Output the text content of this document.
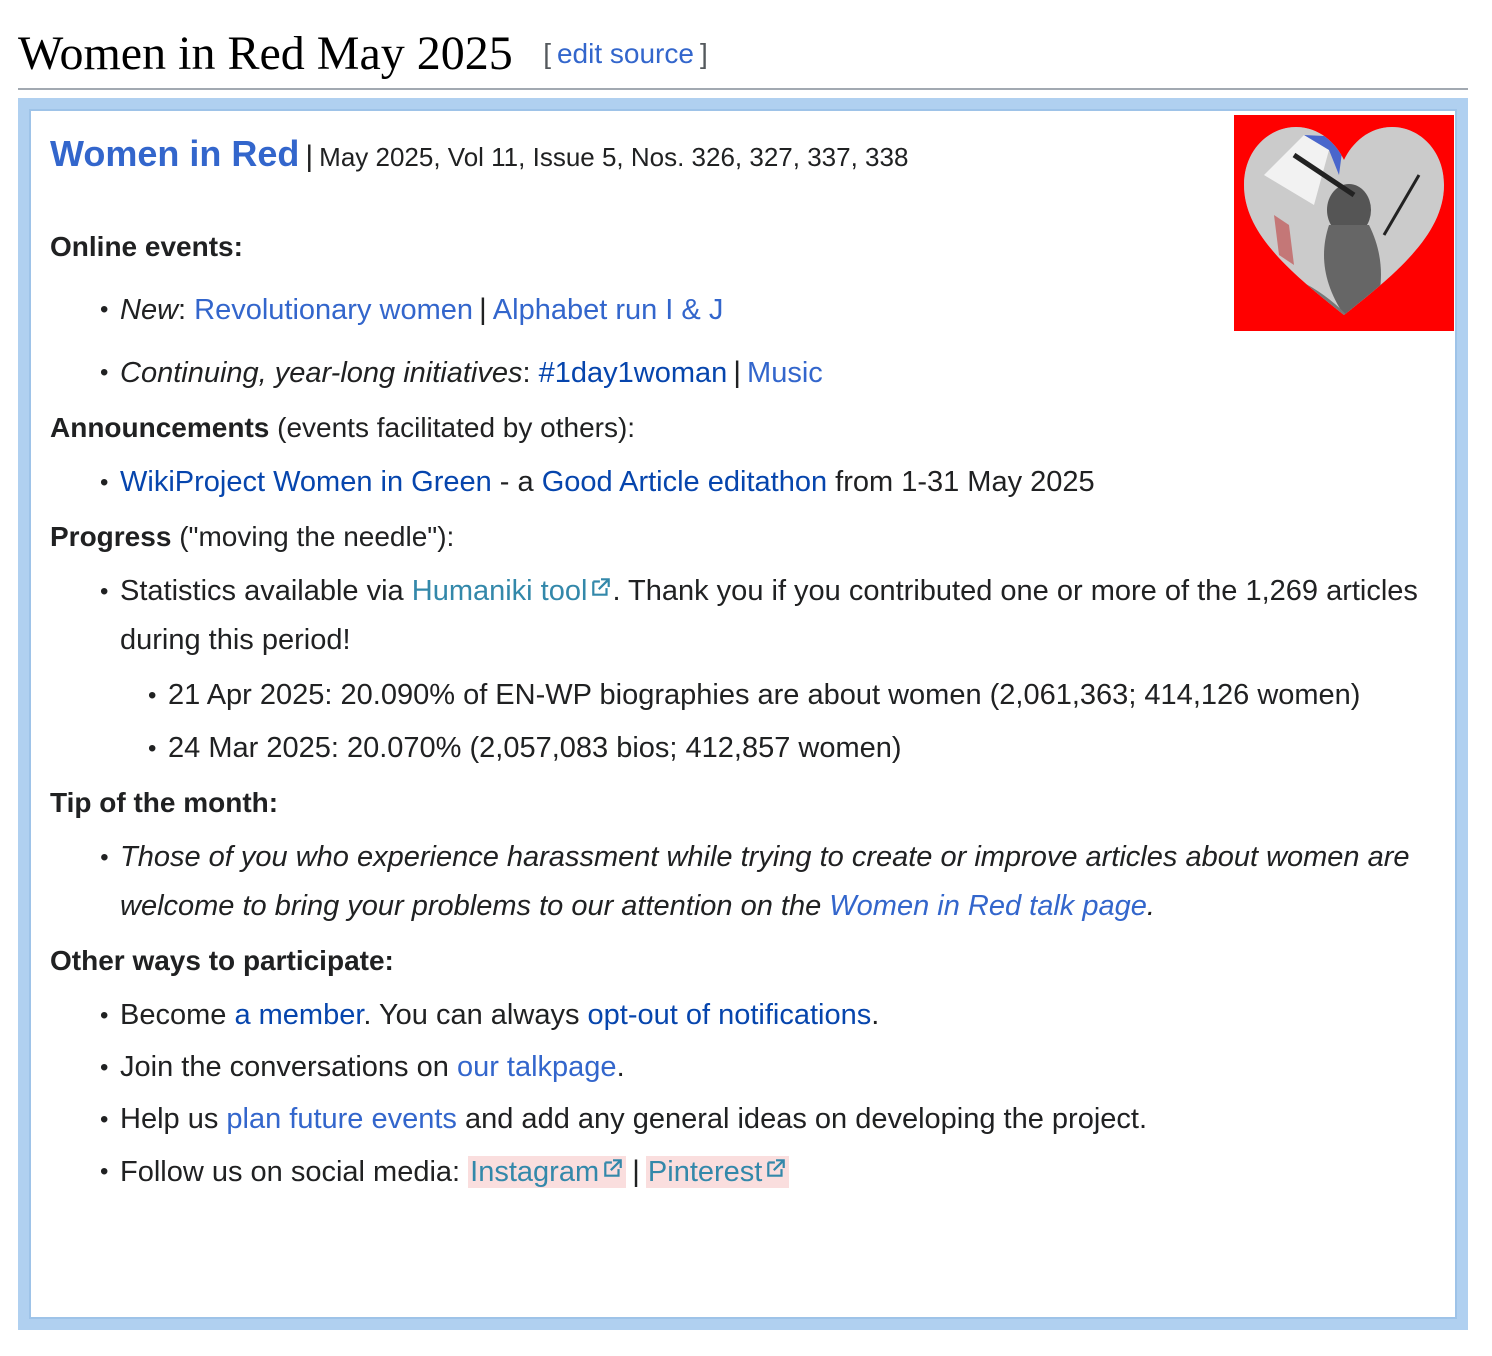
Women in Red May 2025 [ edit source ]
Women in Red | May 2025, Vol 11, Issue 5, Nos. 326, 327, 337, 338

Online events:

• New: Revolutionary women | Alphabet run I & J
• Continuing, year-long initiatives: #1day1woman | Music

Announcements (events facilitated by others):

• WikiProject Women in Green - a Good Article editathon from 1-31 May 2025

Progress ("moving the needle"):

• Statistics available via Humaniki tool . Thank you if you contributed one or more of the 1,269 articles during this period!
• 21 Apr 2025: 20.090% of EN-WP biographies are about women (2,061,363; 414,126 women)
• 24 Mar 2025: 20.070% (2,057,083 bios; 412,857 women)

Tip of the month:

• Those of you who experience harassment while trying to create or improve articles about women are welcome to bring your problems to our attention on the Women in Red talk page.

Other ways to participate:

• Become a member. You can always opt-out of notifications.
• Join the conversations on our talkpage.
• Help us plan future events and add any general ideas on developing the project.
• Follow us on social media: Instagram | Pinterest
